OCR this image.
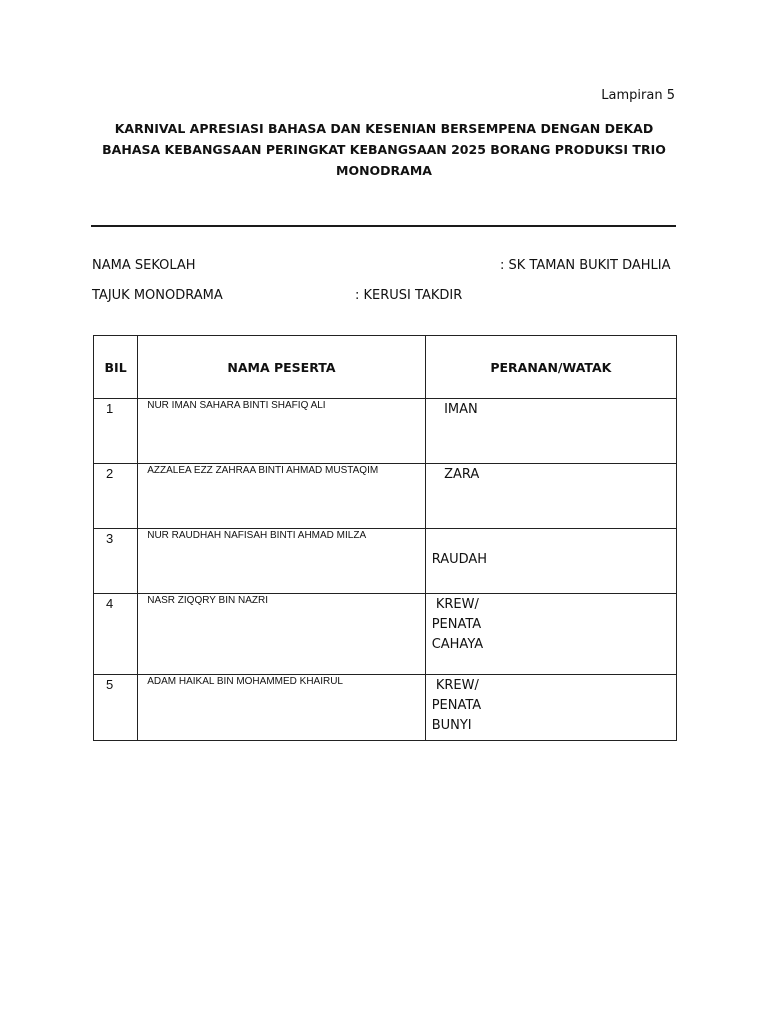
Lampiran 5
KARNIVAL APRESIASI BAHASA DAN KESENIAN BERSEMPENA DENGAN DEKAD
BAHASA KEBANGSAAN PERINGKAT KEBANGSAAN 2025 BORANG PRODUKSI TRIO
MONODRAMA
NAMA SEKOLAH	: SK TAMAN BUKIT DAHLIA
TAJUK MONODRAMA	: KERUSI TAKDIR
BIL	NAMA PESERTA	PERANAN/WATAK
1	NUR IMAN SAHARA BINTI SHAFIQ ALI	IMAN

2	AZZALEA EZZ ZAHRAA BINTI AHMAD MUSTAQIM	ZARA

3	NUR RAUDHAH NAFISAH BINTI AHMAD MILZA	RAUDAH

4	NASR ZIQQRY BIN NAZRI	KREW/
PENATA
CAHAYA

5	ADAM HAIKAL BIN MOHAMMED KHAIRUL	KREW/
PENATA
BUNYI
